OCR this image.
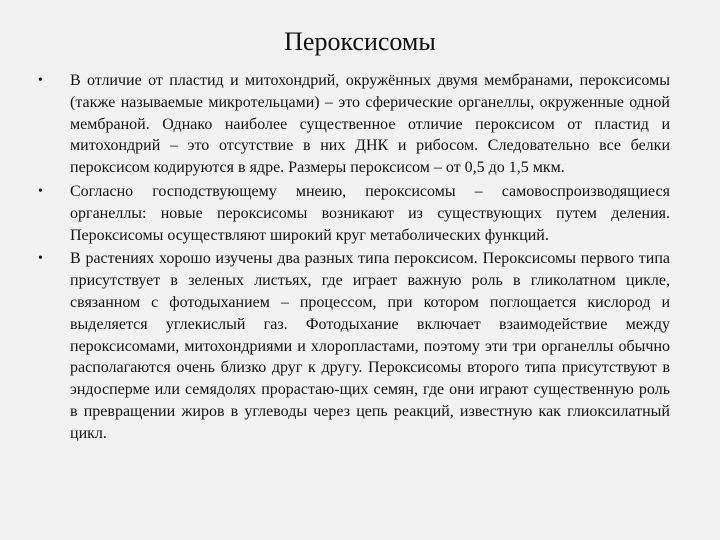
Пероксисомы
• В отличие от пластид и митохондрий, окружённых двумя мембранами, пероксисомы (также называемые микротельцами) – это сферические органеллы, окруженные одной мембраной. Однако наиболее существенное отличие пероксисом от пластид и митохондрий – это отсутствие в них ДНК и рибосом. Следовательно все белки пероксисом кодируются в ядре. Размеры пероксисом – от 0,5 до 1,5 мкм.
• Согласно господствующему мнеию, пероксисомы – самовоспроизводящиеся органеллы: новые пероксисомы возникают из существующих путем деления. Пероксисомы осуществляют широкий круг метаболических функций.
• В растениях хорошо изучены два разных типа пероксисом. Пероксисомы первого типа присутствует в зеленых листьях, где играет важную роль в гликолатном цикле, связанном с фотодыханием – процессом, при котором поглощается кислород и выделяется углекислый газ. Фотодыхание включает взаимодействие между пероксисомами, митохондриями и хлоропластами, поэтому эти три органеллы обычно располагаются очень близко друг к другу. Пероксисомы второго типа присутствуют в эндосперме или семядолях прорастаю-щих семян, где они играют существенную роль в превращении жиров в углеводы через цепь реакций, известную как глиоксилатный цикл.
